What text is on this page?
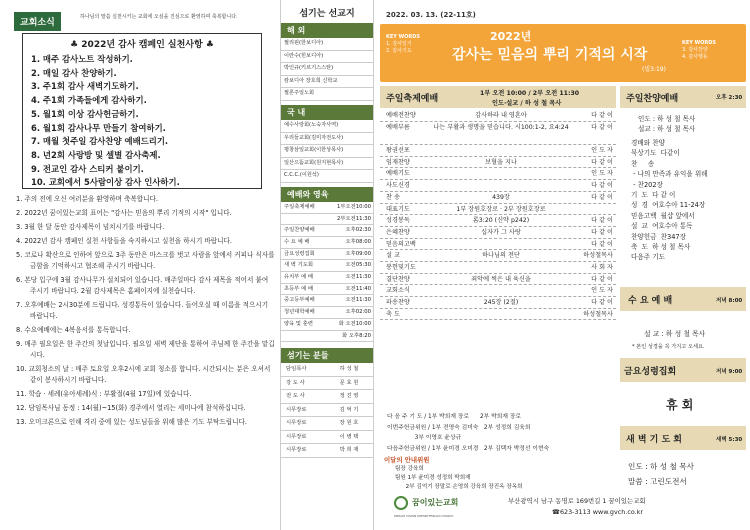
교회소식
하나님의 말씀 실천시키는 교회에 오심을 진심으로 환영하며 축복합니다.
♣ 2022년 감사 캠페인 실천사항 ♣
1. 매주 감사노트 작성하기.
2. 매일 감사 찬양하기.
3. 주1회 감사 새벽기도하기.
4. 주1회 가족들에게 감사하기.
5. 월1회 이상 감사헌금하기.
6. 월1회 감사나무 만들기 참여하기.
7. 매월 첫주일 감사찬양 예배드리기.
8. 년2회 사랑방 및 셀별 감사축제.
9. 전교인 감사 스티커 붙이기.
10. 교회에서 5사람이상 감사 인사하기.
1. 주의 전에 오신 여러분을 환영하며 축복합니다.
2. 2022년 꿈이있는교회 표어는 "감사는 믿음의 뿌리 기적의 시작" 입니다.
3. 3월 한 달 동안 감사제목이 넘치시기를 바랍니다.
4. 2022년 감사 캠페인 실천 사항들을 숙지하시고 실천을 하시기 바랍니다.
5. 코로나 확산으로 인하여 앞으로 3주 동안은 마스크를 벗고 사람을 앞에서 커피나 식사를 금함을 기억하시고 협조해 주시기 바랍니다.
6. 본당 입구에 3월 감사나무가 설치되어 있습니다. 매주일마다 감사 제목을 적어서 붙여 주시기 바랍니다. 2월 감사제목은 홈페이지에 실천습니다.
7. 오후예배는 2시30분에 드립니다. 성경통독이 있습니다. 들어오실 때 이름을 적으시기 바랍니다.
8. 수요예배에는 4복음서를 통독합니다.
9. 매주 필요일은 한 주간의 첫날입니다. 필요일 새벽 제단을 통하여 주님께 한 주간을 맡깁시다.
10. 교회청소의 날 : 매주 토요일 오후2시에 교회 청소를 합니다. 시간되시는 분은 오셔서 같이 봉사하시기 바랍니다.
11. 학습 · 세례(유아세례)식 : 부활절(4월 17일)에 있습니다.
12. 담임목사님 동정 : 14(월)~15(화) 경주에서 열리는 세미나에 참석하십니다.
13. 오미크론으로 인해 격리 중에 있는 성도님들을 위해 많은 기도 부탁드립니다.
섬기는 선교지
해 외
필리핀(한보디아)
이란수(힌보디아)
박인규(키르기스스탄)
캄보디아 장호희 신학교
필론주일노회
국 내
예수사랑회(노숙자사역)
우리들교회(김미자전도사)
평창삼일교회(이한상목사)
일산으뜸교회(원지현목사)
C.C.C.(이원석)
예배와 영육
주일축제예배	1부오전10:00
2부오전11:30
주일찬양예배	오후02:30
수 요 예 배	오후08:00
금요성령집회	오후09:00
새 벽 기도회	오전05:30
유치부 예 배	오전11:30
초등부 예 배	오전11:40
중고등부예배	오전11:30
청년대학예배	오후02:00
양육 및 훈련	화 오전10:00
화 오후8:20
섬기는 분들
담임목사	하 성 철
강 도 사	문 효 원
전 도 사	정 진 영
시무장로	김 억 기
시무장로	장 원 호
시무장로	이 병 택
시무장로	박 희 재
2022. 03. 13. (22-11호)
KEY WORDS
1. 감사일기
2. 감사기도
2022년
감사는 믿음의 뿌리 기적의 시작
(빌3:19)
KEY WORDS
3. 감사찬양
4. 감사행동
주일축제예배
1부 오전 10:00 / 2부 오전 11:30
인도·설교 / 하 성 철 목사
예배전찬양	감사하라 내 영혼아	다 같 이
예배부름	나는 부활과 생명을 믿습니다. 시100:1-2, 요4:24	다 같 이
왕권선포	인 도 자
임재찬양	보혈을 지나	다 같 이
예배기도	인 도 자
사도신경	다 같 이
찬 송	439장	다 같 이
대표기도	1부 장원호장로 · 2부 장원호장로
성경봉독	롬3:20 (신약 p242)	다 같 이
은혜찬양	십자가 그 사랑	다 같 이
믿음의고백	다 같 이
설 교	하나님의 전단	하성철목사
봉헌및기도	사 회 자
결단찬양	죄악에 썩은 내 육신을	다 같 이
교회소식	인 도 자
파송찬양	245장 (2절)	다 같 이
축 도	하성철목사
다 음 주 기 도 / 1부 박희재 장로      2부 박희재 장로
이번주헌금위원 / 1부 전명숙 김미숙   2부 성정희 김육희
3부 이영호 윤상규
다음주헌금위원 / 1부 윤미경 오미경   2부 김택자 박정선 이현숙
이달의 안내위원
팀장 강육희
팀원 1부 윤미경 성정희 박희재
2부 김억기 장말로 손영희 강육희 장진옥 장옥희
꿈이있는교회
DREAM VISION PRESBYTERIAN CHURCH
부산광역시 남구 동명로 169번길 1 꿈이있는교회
☎623-3113 www.gvch.co.kr
주일찬양예배	오후 2:30
인도 : 하 성 철 목사
설교 : 하 성 철 목사
경배와 찬양
묵상기도  다같이
찬     송
- 나의 만족과 유익을 위해
- 찬202장
기  도  다 같 이
성  경  여호수아 11-24장
믿음고백  월샵 앞에서
설  교  여호수아 통독
찬양헌금  찬347장
축  도  하 성 철 목사
다음주 기도
수 요 예 배	저녁 8:00
설 교 : 하 성 철 목사
* 본인 성경을 꼭 가지고 오세요.
금요성령집회	저녁 9:00
휴 회
새 벽 기 도 회	새벽 5:30
인도 : 하 성 철 목사
말씀 : 고린도전서
